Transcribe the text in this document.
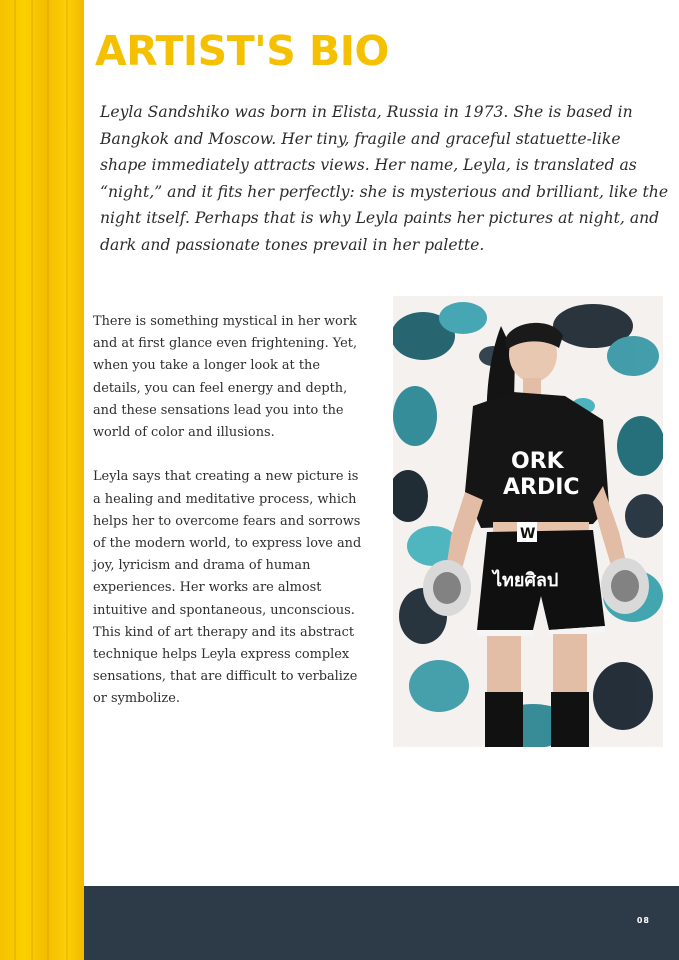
ARTIST'S BIO

Leyla Sandshiko was born in Elista, Russia in 1973. She is based in Bangkok and Moscow. Her tiny, fragile and graceful statuette-like shape immediately attracts views. Her name, Leyla, is translated as “night,” and it fits her perfectly: she is mysterious and brilliant, like the night itself. Perhaps that is why Leyla paints her pictures at night, and dark and passionate tones prevail in her palette.

There is something mystical in her work and at first glance even frightening. Yet, when you take a longer look at the details, you can feel energy and depth, and these sensations lead you into the world of color and illusions.

Leyla says that creating a new picture is a healing and meditative process, which helps her to overcome fears and sorrows of the modern world, to express love and joy, lyricism and drama of human experiences. Her works are almost intuitive and spontaneous, unconscious. This kind of art therapy and its abstract technique helps Leyla express complex sensations, that are difficult to verbalize or symbolize.

ORK
ARDIC
W
ไทยศิลป
08
